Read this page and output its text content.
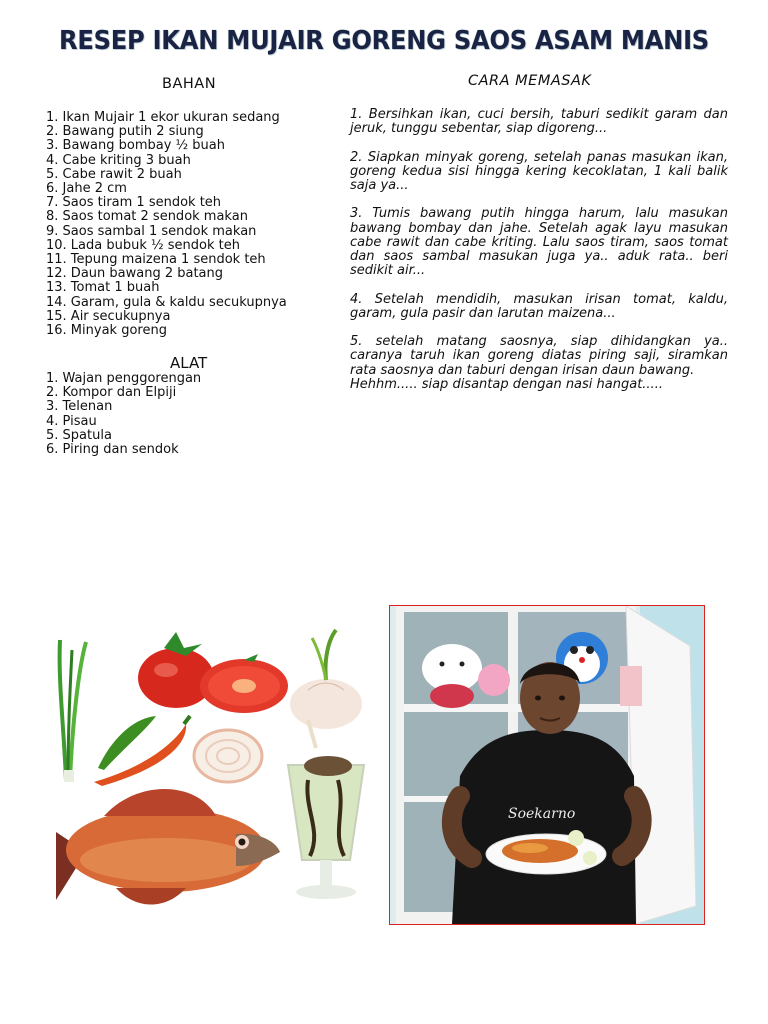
RESEP IKAN MUJAIR GORENG SAOS ASAM MANIS
BAHAN
1. Ikan Mujair 1 ekor ukuran sedang
2. Bawang putih 2 siung
3. Bawang bombay ½ buah
4. Cabe kriting 3 buah
5. Cabe rawit 2 buah
6. Jahe 2 cm
7. Saos tiram 1 sendok teh
8. Saos tomat 2 sendok makan
9. Saos sambal 1 sendok makan
10. Lada bubuk ½ sendok teh
11. Tepung maizena 1 sendok teh
12. Daun bawang 2 batang
13. Tomat 1 buah
14. Garam, gula & kaldu secukupnya
15. Air secukupnya
16. Minyak goreng
ALAT
1. Wajan penggorengan
2. Kompor dan Elpiji
3. Telenan
4. Pisau
5. Spatula
6. Piring dan sendok
CARA MEMASAK

1. Bersihkan ikan, cuci bersih, taburi sedikit garam dan jeruk, tunggu sebentar, siap digoreng...

2. Siapkan minyak goreng, setelah panas masukan ikan, goreng kedua sisi hingga kering kecoklatan, 1 kali balik saja ya...

3. Tumis bawang putih hingga harum, lalu masukan bawang bombay dan jahe. Setelah agak layu masukan cabe rawit dan cabe kriting. Lalu saos tiram, saos tomat dan saos sambal masukan juga ya.. aduk rata.. beri sedikit air...

4. Setelah mendidih, masukan irisan tomat, kaldu, garam, gula pasir dan larutan maizena...

5. setelah matang saosnya, siap dihidangkan ya.. caranya taruh ikan goreng diatas piring saji, siramkan rata saosnya dan taburi dengan irisan daun bawang.

Hehhm..... siap disantap dengan nasi hangat.....

Soekarno
